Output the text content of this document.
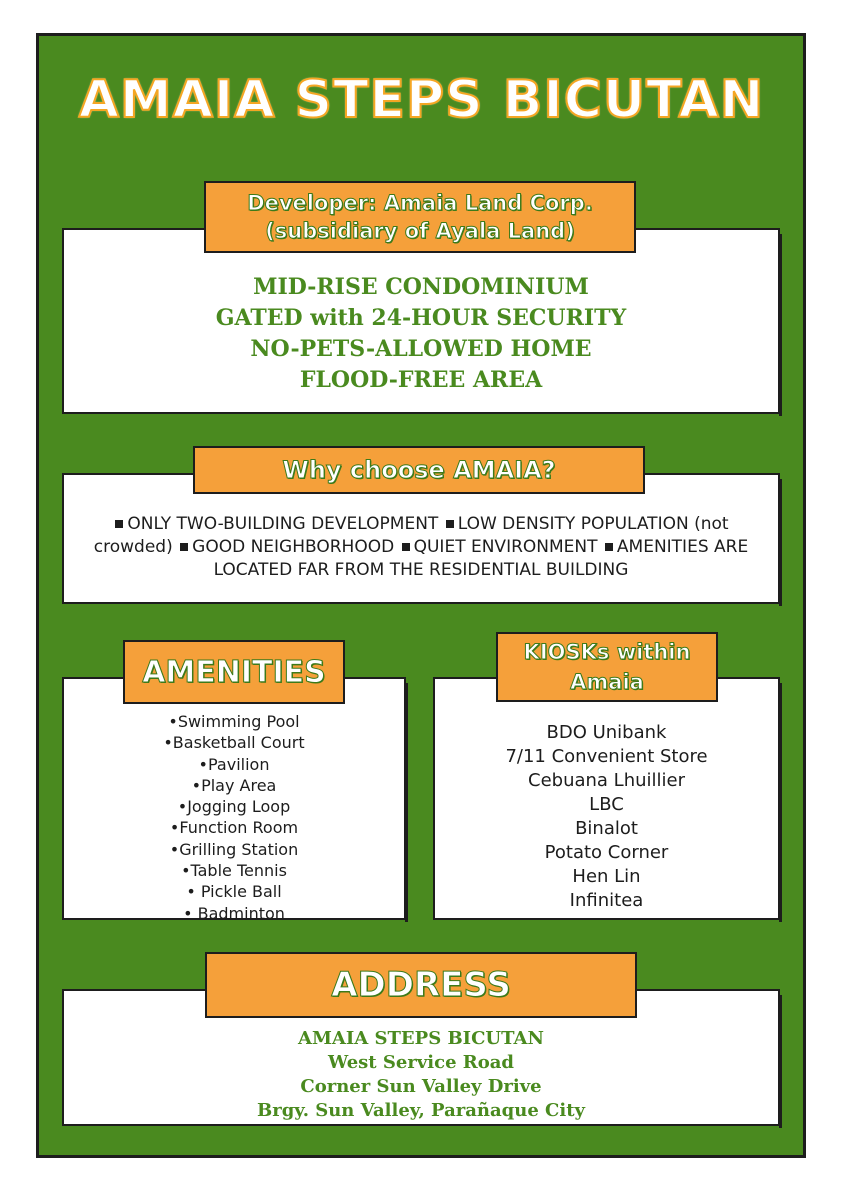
AMAIA STEPS BICUTAN
MID-RISE CONDOMINIUM
GATED with 24-HOUR SECURITY
NO-PETS-ALLOWED HOME
FLOOD-FREE AREA
Developer: Amaia Land Corp.
(subsidiary of Ayala Land)
ONLY TWO-BUILDING DEVELOPMENT LOW DENSITY POPULATION (not crowded) GOOD NEIGHBORHOOD QUIET ENVIRONMENT AMENITIES ARE LOCATED FAR FROM THE RESIDENTIAL BUILDING
Why choose AMAIA?
•Swimming Pool
•Basketball Court
•Pavilion
•Play Area
•Jogging Loop
•Function Room
•Grilling Station
•Table Tennis
• Pickle Ball
• Badminton
AMENITIES
BDO Unibank
7/11 Convenient Store
Cebuana Lhuillier
LBC
Binalot
Potato Corner
Hen Lin
Infinitea
KIOSKs within
Amaia
AMAIA STEPS BICUTAN
West Service Road
Corner Sun Valley Drive
Brgy. Sun Valley, Parañaque City
ADDRESS
